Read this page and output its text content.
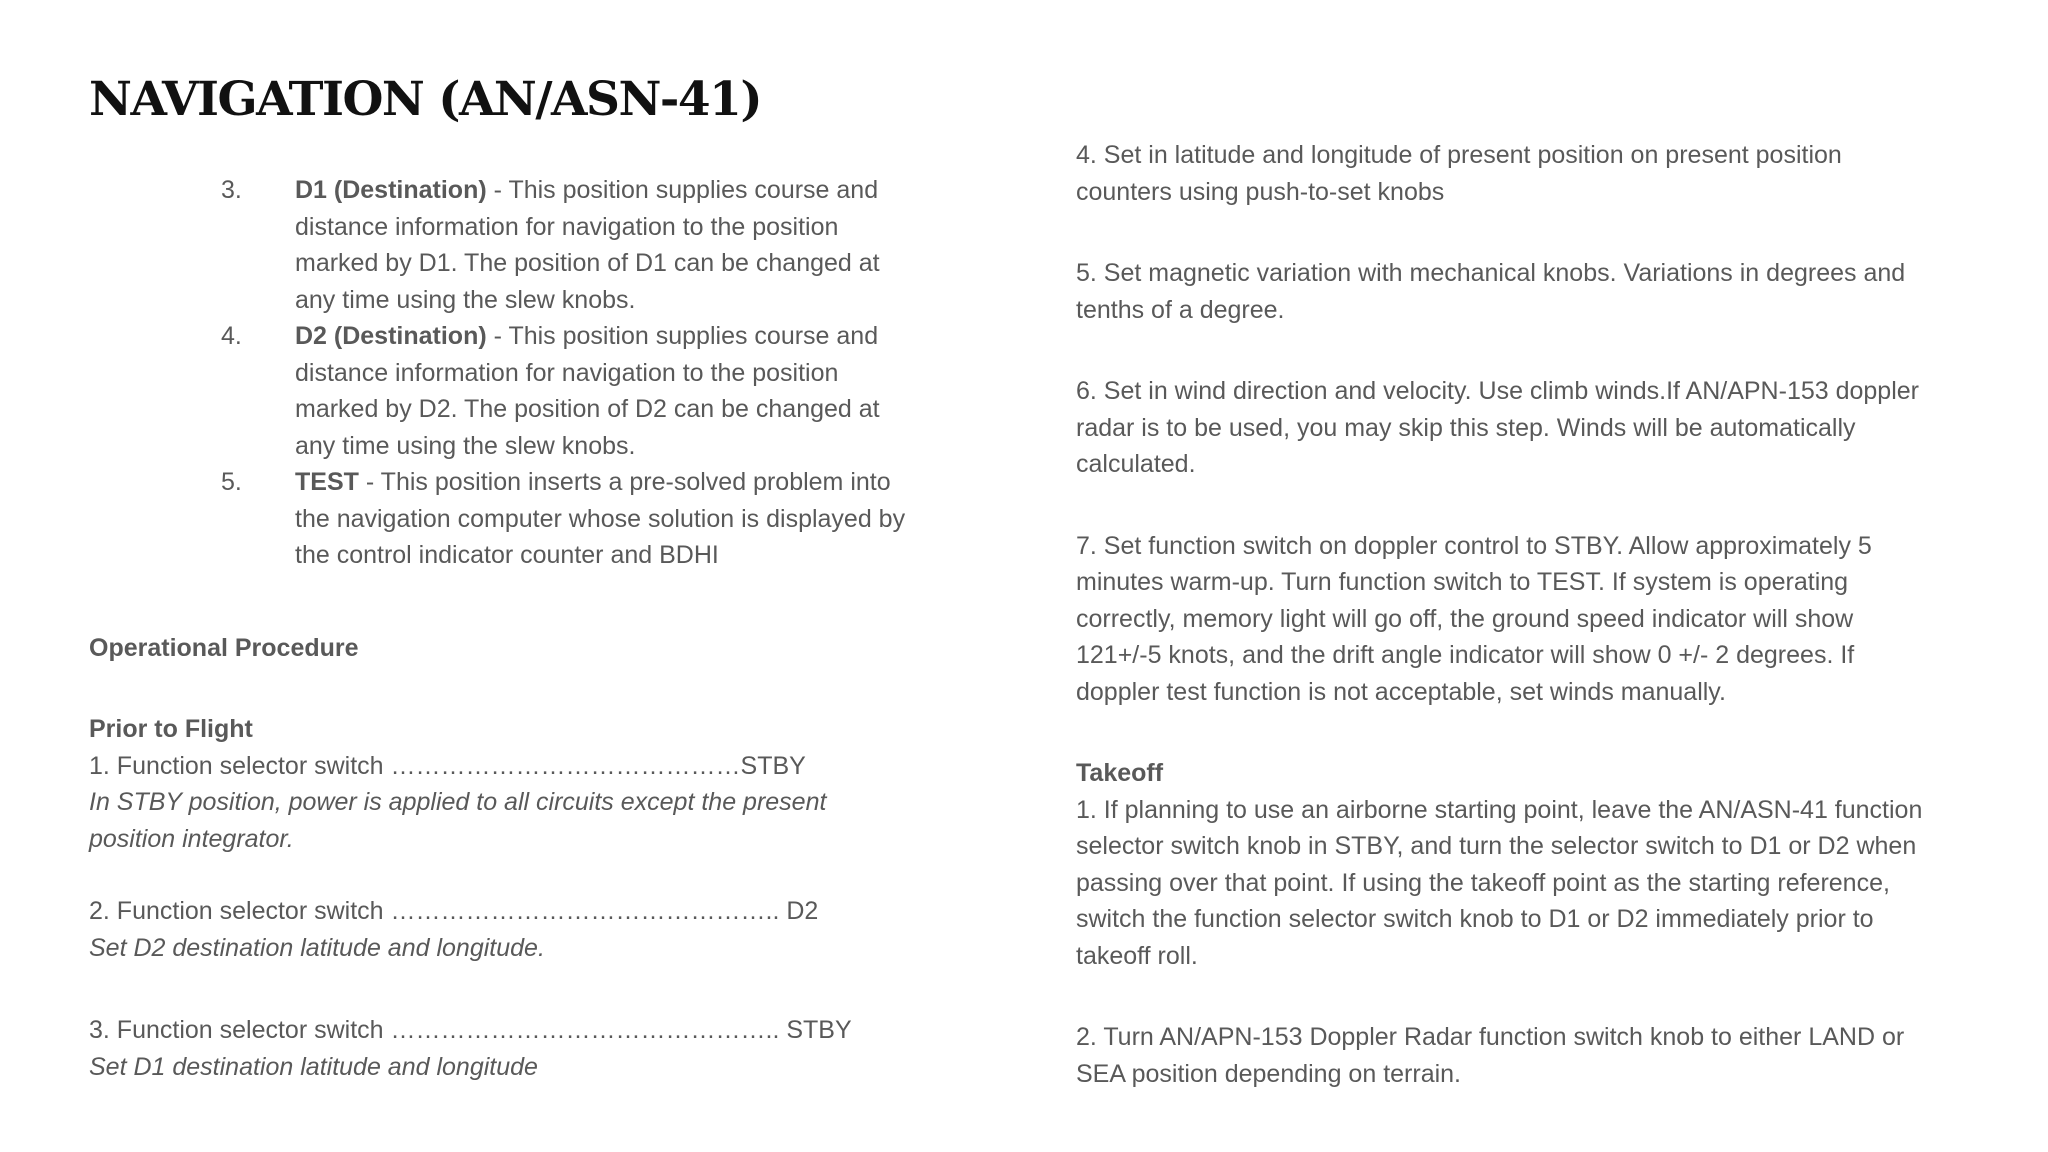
NAVIGATION (AN/ASN-41)
3.	D1 (Destination) - This position supplies course and distance information for navigation to the position marked by D1. The position of D1 can be changed at any time using the slew knobs.
4.	D2 (Destination) - This position supplies course and distance information for navigation to the position marked by D2. The position of D2 can be changed at any time using the slew knobs.
5.	TEST - This position inserts a pre-solved problem into the navigation computer whose solution is displayed by the control indicator counter and BDHI
Operational Procedure
Prior to Flight
1. Function selector switch ……………………………………STBY
In STBY position, power is applied to all circuits except the present position integrator.
2. Function selector switch ……………………………………….. D2
Set D2 destination latitude and longitude.
3. Function selector switch ……………………………………….. STBY
Set D1 destination latitude and longitude

4. Set in latitude and longitude of present position on present position counters using push-to-set knobs

5. Set magnetic variation with mechanical knobs. Variations in degrees and tenths of a degree.

6. Set in wind direction and velocity. Use climb winds.If AN/APN-153 doppler radar is to be used, you may skip this step. Winds will be automatically calculated.

7. Set function switch on doppler control to STBY. Allow approximately 5 minutes warm-up. Turn function switch to TEST. If system is operating correctly, memory light will go off, the ground speed indicator will show 121+/-5 knots, and the drift angle indicator will show 0 +/- 2 degrees. If doppler test function is not acceptable, set winds manually.

Takeoff

1. If planning to use an airborne starting point, leave the AN/ASN-41 function selector switch knob in STBY, and turn the selector switch to D1 or D2 when passing over that point. If using the takeoff point as the starting reference, switch the function selector switch knob to D1 or D2 immediately prior to takeoff roll.

2. Turn AN/APN-153 Doppler Radar function switch knob to either LAND or SEA position depending on terrain.
